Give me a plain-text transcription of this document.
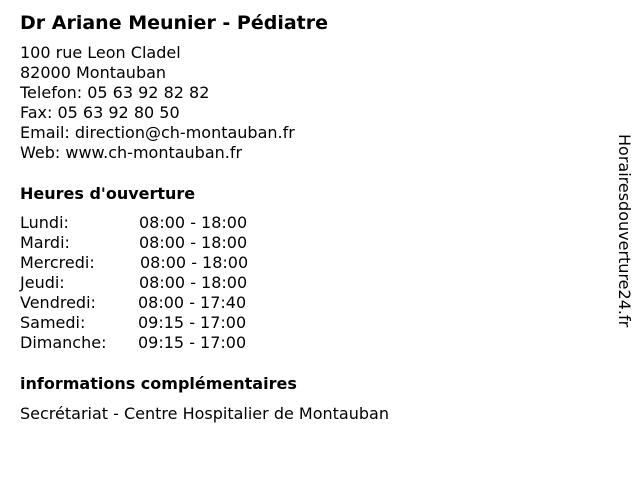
Dr Ariane Meunier - Pédiatre
100 rue Leon Cladel
82000 Montauban
Telefon: 05 63 92 82 82
Fax: 05 63 92 80 50
Email: direction@ch-montauban.fr
Web: www.ch-montauban.fr
Heures d'ouverture
Lundi:	08:00 - 18:00
Mardi:	08:00 - 18:00
Mercredi:	08:00 - 18:00
Jeudi:	08:00 - 18:00
Vendredi:	08:00 - 17:40
Samedi:	09:15 - 17:00
Dimanche: 09:15 - 17:00
informations complémentaires
Secrétariat - Centre Hospitalier de Montauban
Horairesdouverture24.fr
